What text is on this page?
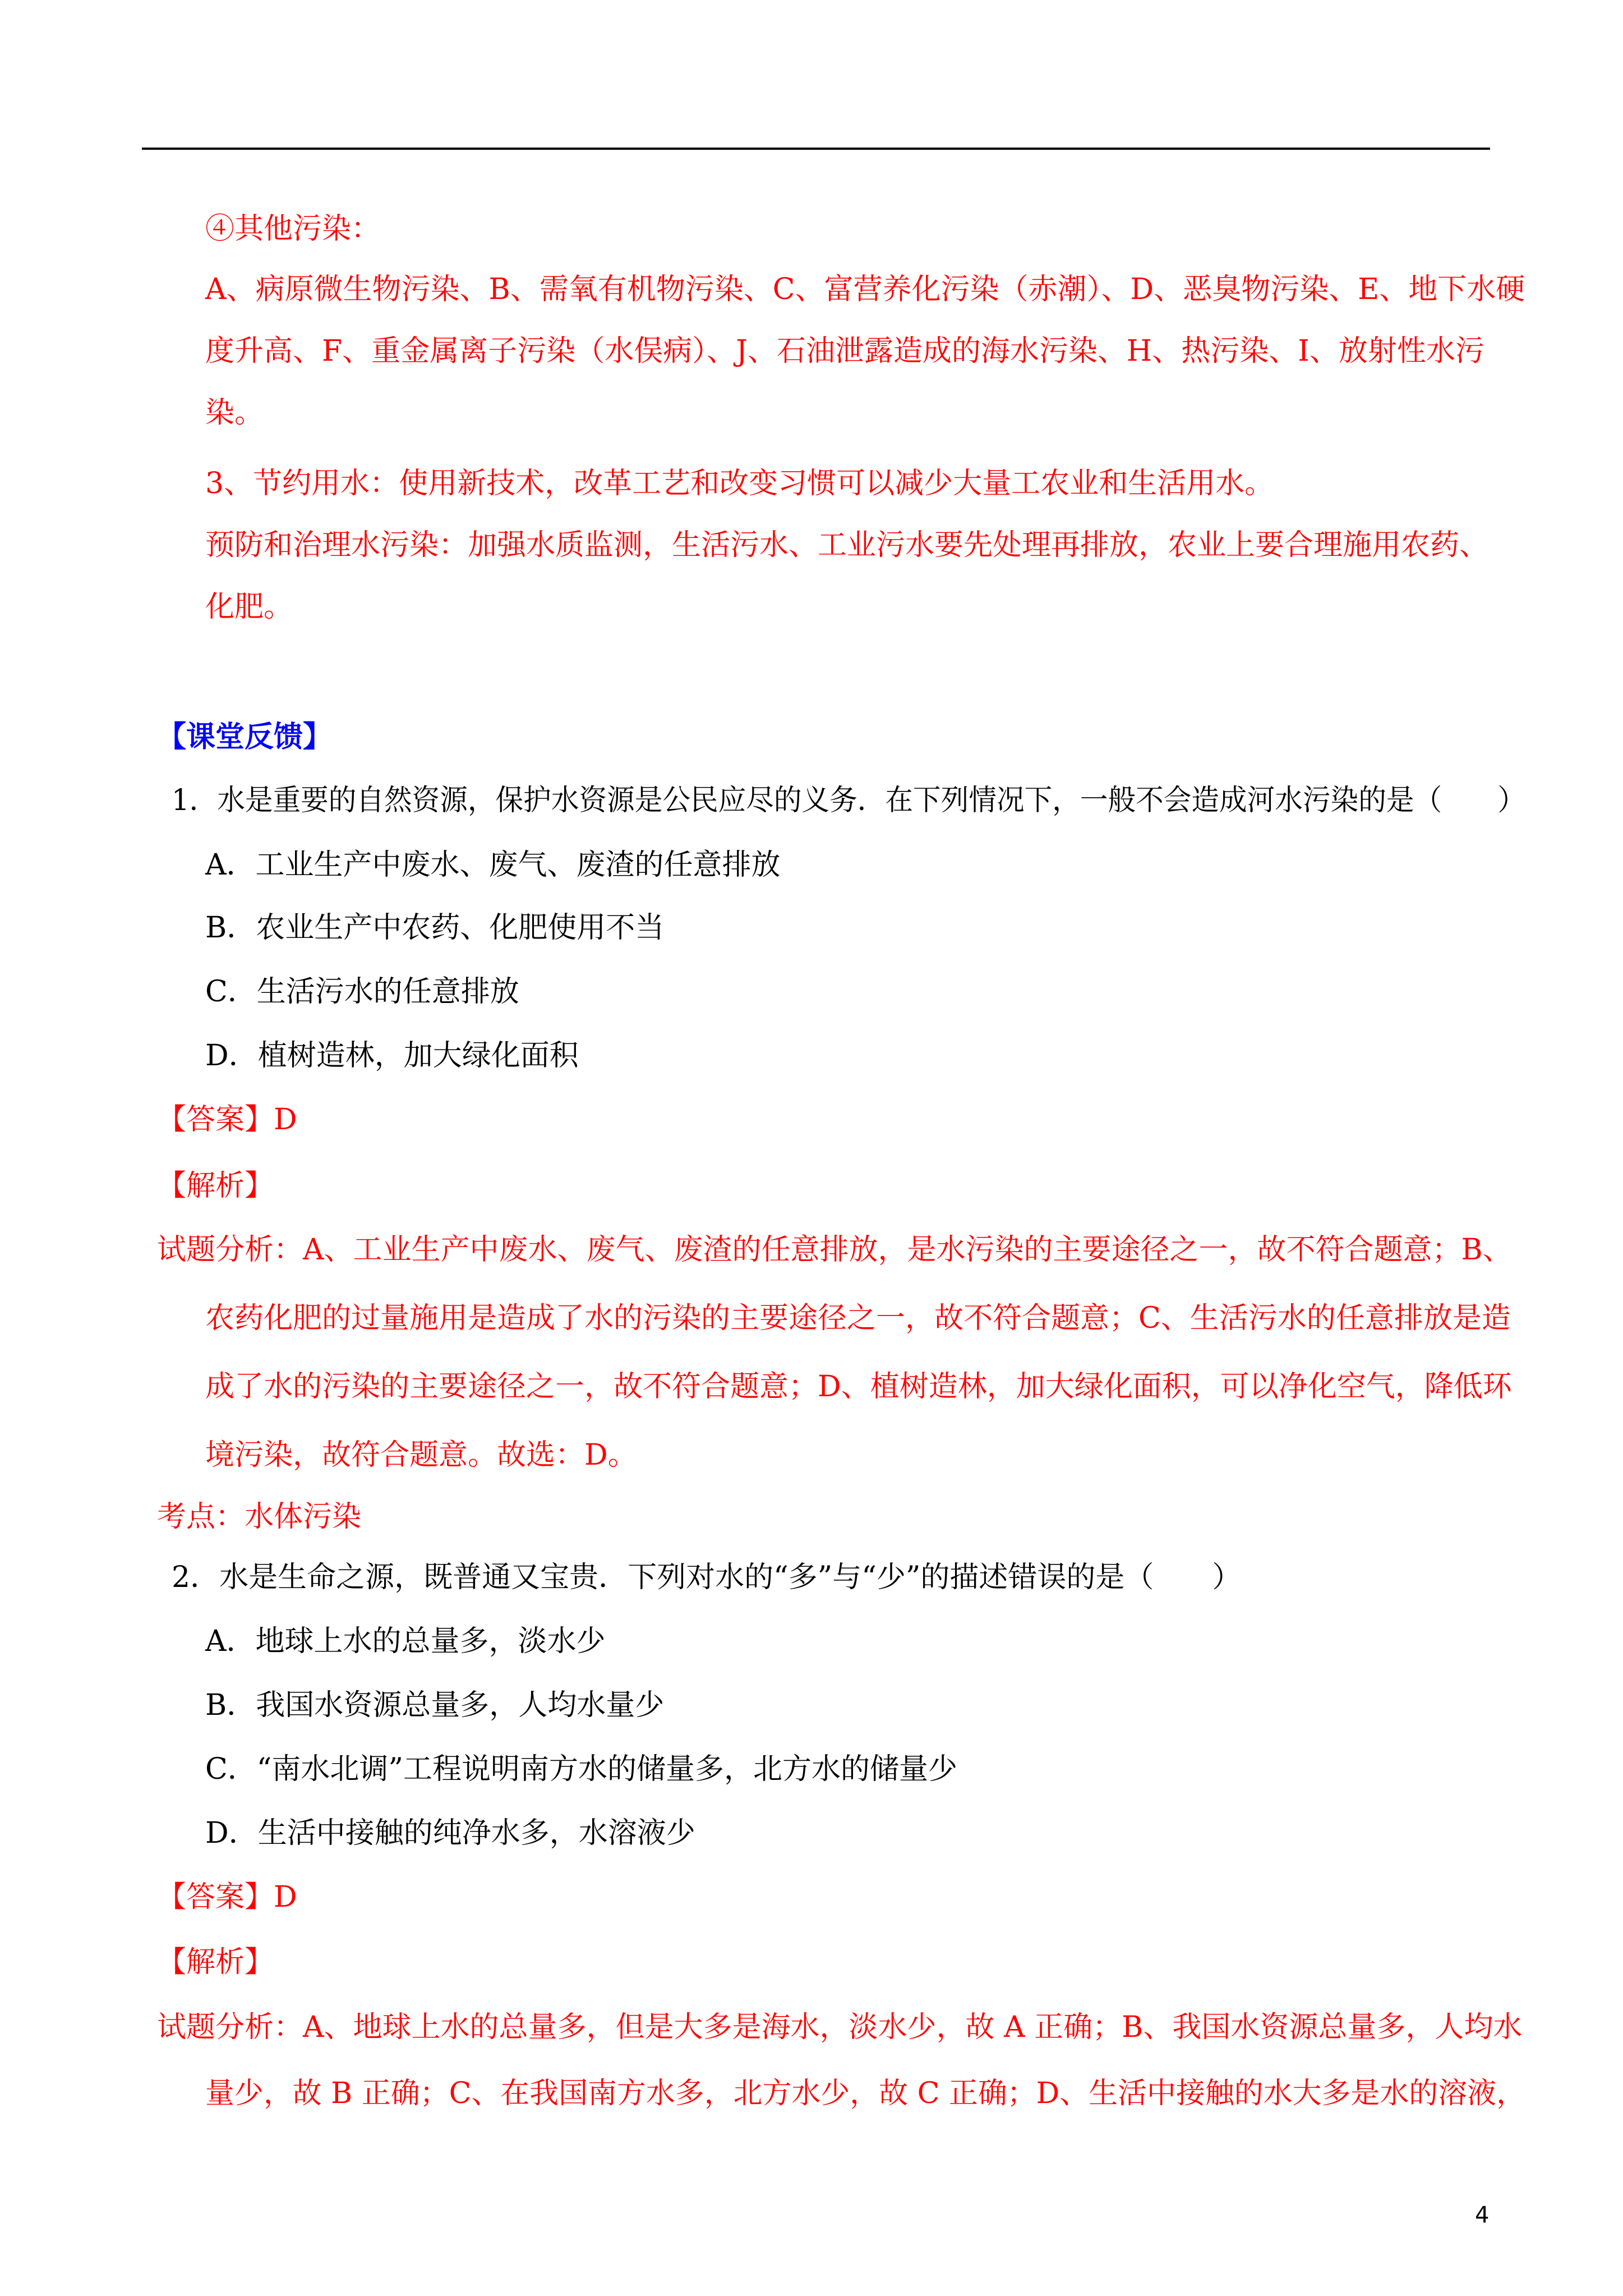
④其他污染：
A、病原微生物污染、B、需氧有机物污染、C、富营养化污染（赤潮）、D、恶臭物污染、E、地下水硬
度升高、F、重金属离子污染（水俣病）、J、石油泄露造成的海水污染、H、热污染、I、放射性水污
染。
3、节约用水：使用新技术，改革工艺和改变习惯可以减少大量工农业和生活用水。
预防和治理水污染：加强水质监测，生活污水、工业污水要先处理再排放，农业上要合理施用农药、
化肥。
【课堂反馈】
1．水是重要的自然资源，保护水资源是公民应尽的义务．在下列情况下，一般不会造成河水污染的是（　　）
A．工业生产中废水、废气、废渣的任意排放
B．农业生产中农药、化肥使用不当
C．生活污水的任意排放
D．植树造林，加大绿化面积
【答案】D
【解析】
试题分析：A、工业生产中废水、废气、废渣的任意排放，是水污染的主要途径之一，故不符合题意；B、
农药化肥的过量施用是造成了水的污染的主要途径之一，故不符合题意；C、生活污水的任意排放是造
成了水的污染的主要途径之一，故不符合题意；D、植树造林，加大绿化面积，可以净化空气，降低环
境污染，故符合题意。故选：D。
考点：水体污染
2．水是生命之源，既普通又宝贵．下列对水的“多”与“少”的描述错误的是（　　）
A．地球上水的总量多，淡水少
B．我国水资源总量多，人均水量少
C．“南水北调”工程说明南方水的储量多，北方水的储量少
D．生活中接触的纯净水多，水溶液少
【答案】D
【解析】
试题分析：A、地球上水的总量多，但是大多是海水，淡水少，故 A 正确；B、我国水资源总量多，人均水
量少，故 B 正确；C、在我国南方水多，北方水少，故 C 正确；D、生活中接触的水大多是水的溶液，
4
